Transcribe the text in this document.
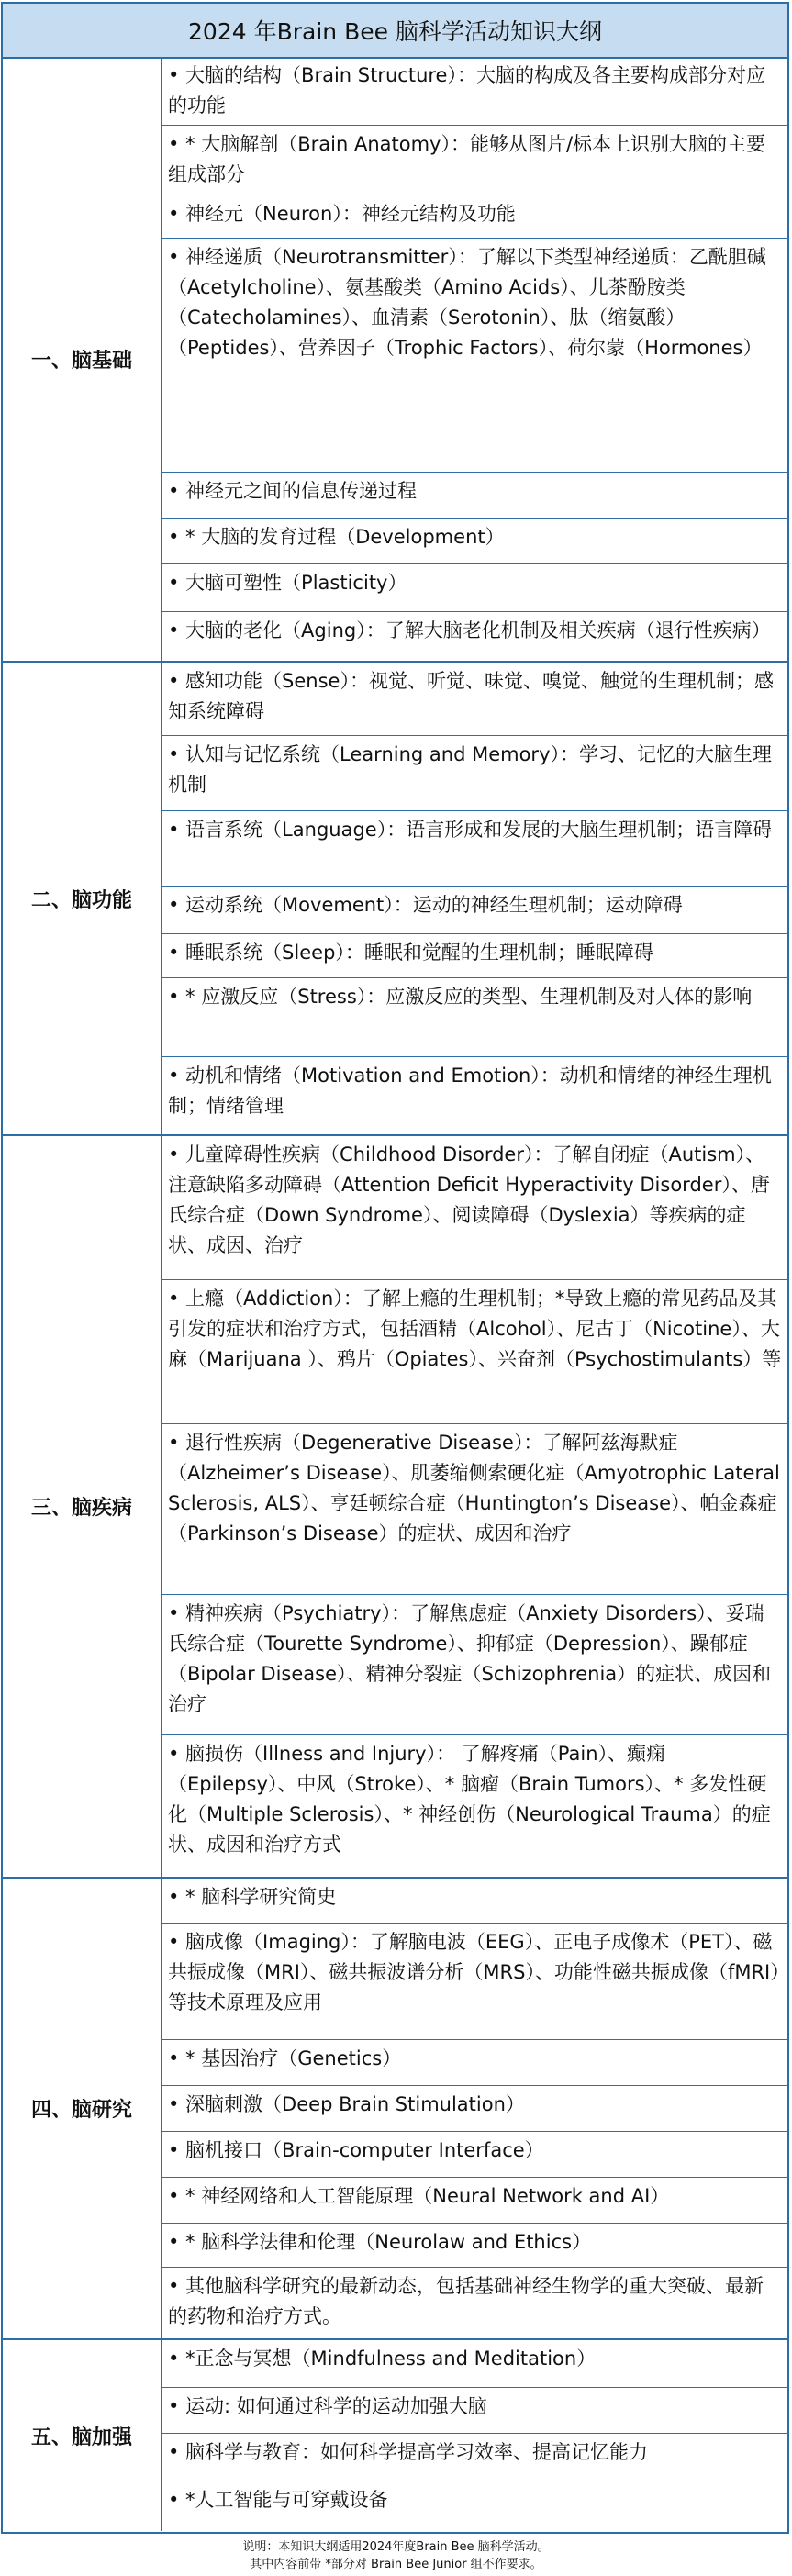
2024 年Brain Bee 脑科学活动知识大纲
一、脑基础
• 大脑的结构（Brain Structure）：大脑的构成及各主要构成部分对应的功能
• * 大脑解剖（Brain Anatomy）：能够从图片/标本上识别大脑的主要组成部分
• 神经元（Neuron）：神经元结构及功能
• 神经递质（Neurotransmitter）：了解以下类型神经递质：乙酰胆碱（Acetylcholine）、氨基酸类（Amino Acids）、儿茶酚胺类（Catecholamines）、血清素（Serotonin）、肽（缩氨酸）（Peptides）、营养因子（Trophic Factors）、荷尔蒙（Hormones）
• 神经元之间的信息传递过程
• * 大脑的发育过程（Development）
• 大脑可塑性（Plasticity）
• 大脑的老化（Aging）：了解大脑老化机制及相关疾病（退行性疾病）
二、脑功能
• 感知功能（Sense）：视觉、听觉、味觉、嗅觉、触觉的生理机制；感知系统障碍
• 认知与记忆系统（Learning and Memory）：学习、记忆的大脑生理机制
• 语言系统（Language）：语言形成和发展的大脑生理机制；语言障碍
• 运动系统（Movement）：运动的神经生理机制；运动障碍
• 睡眠系统（Sleep）：睡眠和觉醒的生理机制；睡眠障碍
• * 应激反应（Stress）：应激反应的类型、生理机制及对人体的影响
• 动机和情绪（Motivation and Emotion）：动机和情绪的神经生理机制；情绪管理
三、脑疾病
• 儿童障碍性疾病（Childhood Disorder）：了解自闭症（Autism）、注意缺陷多动障碍（Attention Deficit Hyperactivity Disorder）、唐氏综合症（Down Syndrome）、阅读障碍（Dyslexia）等疾病的症状、成因、治疗
• 上瘾（Addiction）：了解上瘾的生理机制；*导致上瘾的常见药品及其引发的症状和治疗方式，包括酒精（Alcohol）、尼古丁（Nicotine）、大麻（Marijuana ）、鸦片（Opiates）、兴奋剂（Psychostimulants）等
• 退行性疾病（Degenerative Disease）：了解阿兹海默症（Alzheimer’s Disease）、肌萎缩侧索硬化症（Amyotrophic Lateral Sclerosis, ALS）、亨廷顿综合症（Huntington’s Disease）、帕金森症（Parkinson’s Disease）的症状、成因和治疗
• 精神疾病（Psychiatry）：了解焦虑症（Anxiety Disorders）、妥瑞氏综合症（Tourette Syndrome）、抑郁症（Depression）、躁郁症 （Bipolar Disease）、精神分裂症（Schizophrenia）的症状、成因和治疗
• 脑损伤（Illness and Injury）： 了解疼痛（Pain）、癫痫（Epilepsy）、中风（Stroke）、* 脑瘤（Brain Tumors）、* 多发性硬化（Multiple Sclerosis）、* 神经创伤（Neurological Trauma）的症状、成因和治疗方式
四、脑研究
• * 脑科学研究简史
• 脑成像（Imaging）：了解脑电波（EEG）、正电子成像术（PET）、磁共振成像（MRI）、磁共振波谱分析（MRS）、功能性磁共振成像（fMRI）等技术原理及应用
• * 基因治疗（Genetics）
• 深脑刺激（Deep Brain Stimulation）
• 脑机接口（Brain-computer Interface）
• * 神经网络和人工智能原理（Neural Network and AI）
• * 脑科学法律和伦理（Neurolaw and Ethics）
• 其他脑科学研究的最新动态，包括基础神经生物学的重大突破、最新的药物和治疗方式。
五、脑加强
• *正念与冥想（Mindfulness and Meditation）
• 运动: 如何通过科学的运动加强大脑
• 脑科学与教育：如何科学提高学习效率、提高记忆能力
• *人工智能与可穿戴设备
说明：本知识大纲适用2024年度Brain Bee 脑科学活动。
其中内容前带 *部分对 Brain Bee Junior 组不作要求。
